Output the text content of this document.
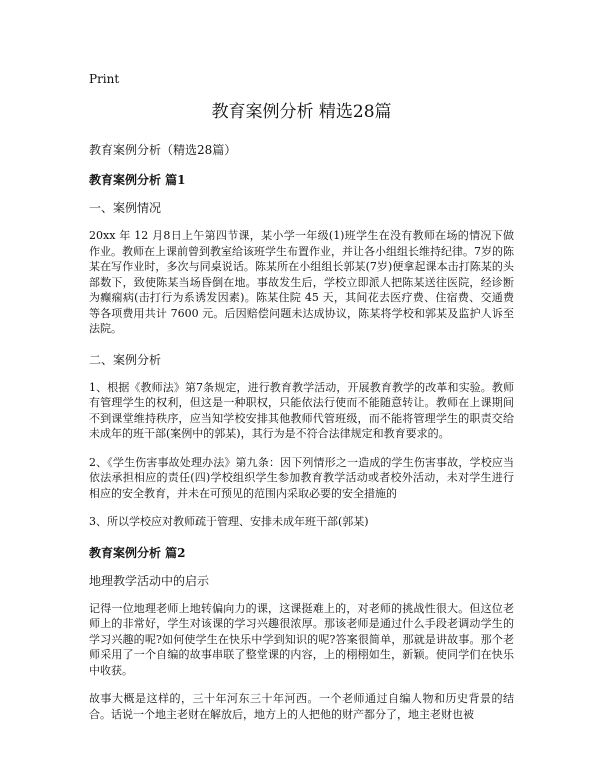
Print
教育案例分析 精选28篇
教育案例分析（精选28篇）
教育案例分析 篇1
一、案例情况

20xx 年 12 月8日上午第四节课，某小学一年级(1)班学生在没有教师在场的情况下做作业。教师在上课前曾到教室给该班学生布置作业，并让各小组组长维持纪律。7岁的陈某在写作业时，多次与同桌说话。陈某所在小组组长郭某(7岁)便拿起课本击打陈某的头部数下，致使陈某当场昏倒在地。事故发生后，学校立即派人把陈某送往医院，经诊断为癫痫病(击打行为系诱发因素)。陈某住院 45 天，其间花去医疗费、住宿费、交通费等各项费用共计 7600 元。后因赔偿问题未达成协议，陈某将学校和郭某及监护人诉至法院。

二、案例分析

1、根据《教师法》第7条规定，进行教育教学活动，开展教育教学的改革和实验。教师有管理学生的权利，但这是一种职权，只能依法行使而不能随意转让。教师在上课期间不到课堂维持秩序，应当知学校安排其他教师代管班级，而不能将管理学生的职责交给未成年的班干部(案例中的郭某)，其行为是不符合法律规定和教育要求的。

2、《学生伤害事故处理办法》第九条：因下列情形之一造成的学生伤害事故，学校应当依法承担相应的责任(四)学校组织学生参加教育教学活动或者校外活动，未对学生进行相应的安全教育，并未在可预见的范围内采取必要的安全措施的

3、所以学校应对教师疏于管理、安排未成年班干部(郭某)

教育案例分析 篇2
地理教学活动中的启示

记得一位地理老师上地转偏向力的课，这课挺难上的，对老师的挑战性很大。但这位老师上的非常好，学生对该课的学习兴趣很浓厚。那该老师是通过什么手段老调动学生的学习兴趣的呢?如何使学生在快乐中学到知识的呢?答案很简单，那就是讲故事。那个老师采用了一个自编的故事串联了整堂课的内容，上的栩栩如生，新颖。使同学们在快乐中收获。

故事大概是这样的，三十年河东三十年河西。一个老师通过自编人物和历史背景的结合。话说一个地主老财在解放后，地方上的人把他的财产都分了，地主老财也被
